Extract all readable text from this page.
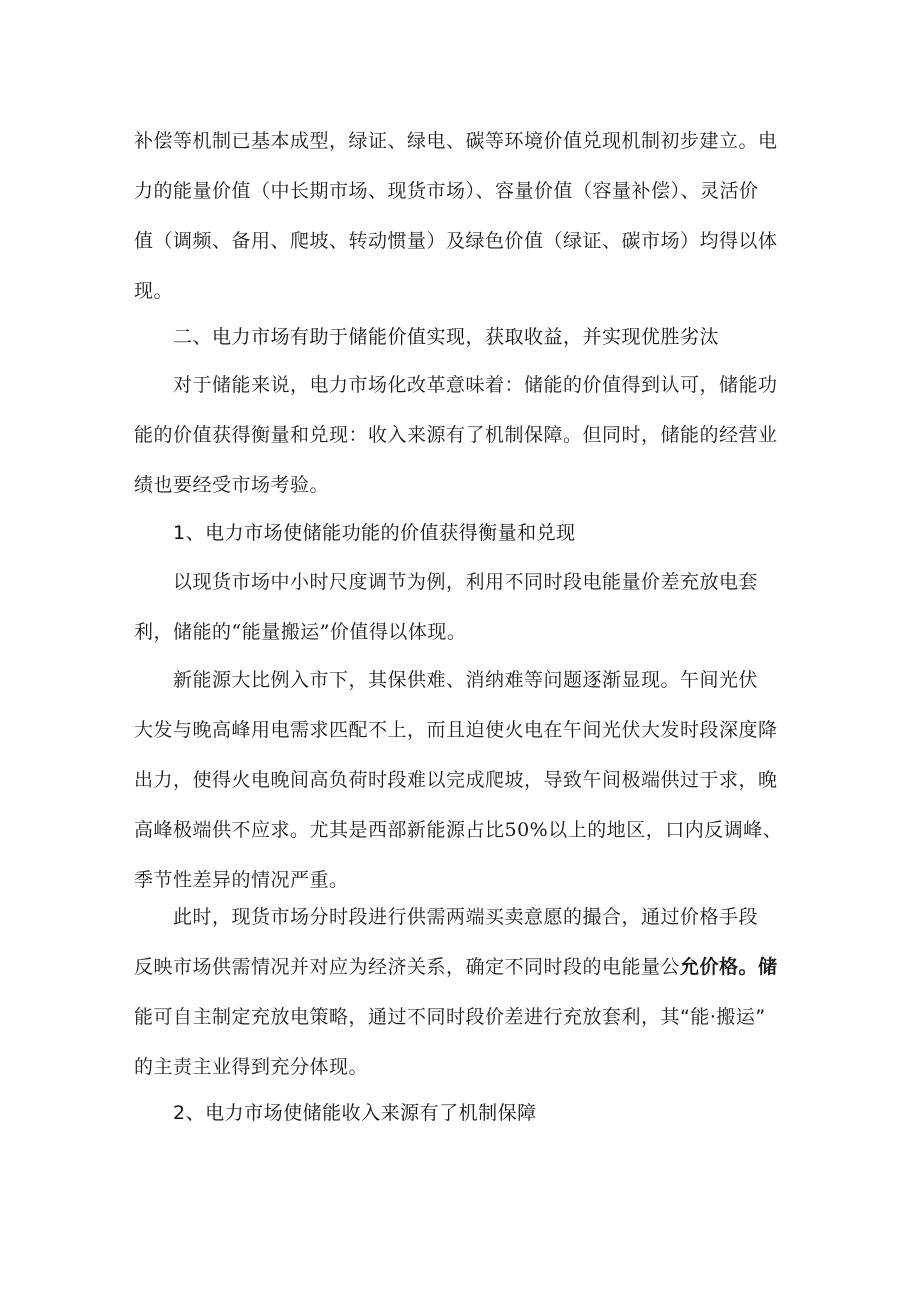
补偿等机制已基本成型，绿证、绿电、碳等环境价值兑现机制初步建立。电
力的能量价值（中长期市场、现货市场）、容量价值（容量补偿）、灵活价
值（调频、备用、爬坡、转动惯量）及绿色价值（绿证、碳市场）均得以体
现。
二、电力市场有助于储能价值实现，获取收益，并实现优胜劣汰
对于储能来说，电力市场化改革意味着：储能的价值得到认可，储能功
能的价值获得衡量和兑现：收入来源有了机制保障。但同时，储能的经营业
绩也要经受市场考验。
1、电力市场使储能功能的价值获得衡量和兑现
以现货市场中小时尺度调节为例，利用不同时段电能量价差充放电套
利，储能的“能量搬运”价值得以体现。
新能源大比例入市下，其保供难、消纳难等问题逐渐显现。午间光伏
大发与晚高峰用电需求匹配不上，而且迫使火电在午间光伏大发时段深度降
出力，使得火电晚间高负荷时段难以完成爬坡，导致午间极端供过于求，晚
高峰极端供不应求。尤其是西部新能源占比50%以上的地区，口内反调峰、
季节性差异的情况严重。
此时，现货市场分时段进行供需两端买卖意愿的撮合，通过价格手段
反映市场供需情况并对应为经济关系，确定不同时段的电能量公允价格。储
能可自主制定充放电策略，通过不同时段价差进行充放套利，其“能·搬运”
的主责主业得到充分体现。
2、电力市场使储能收入来源有了机制保障
